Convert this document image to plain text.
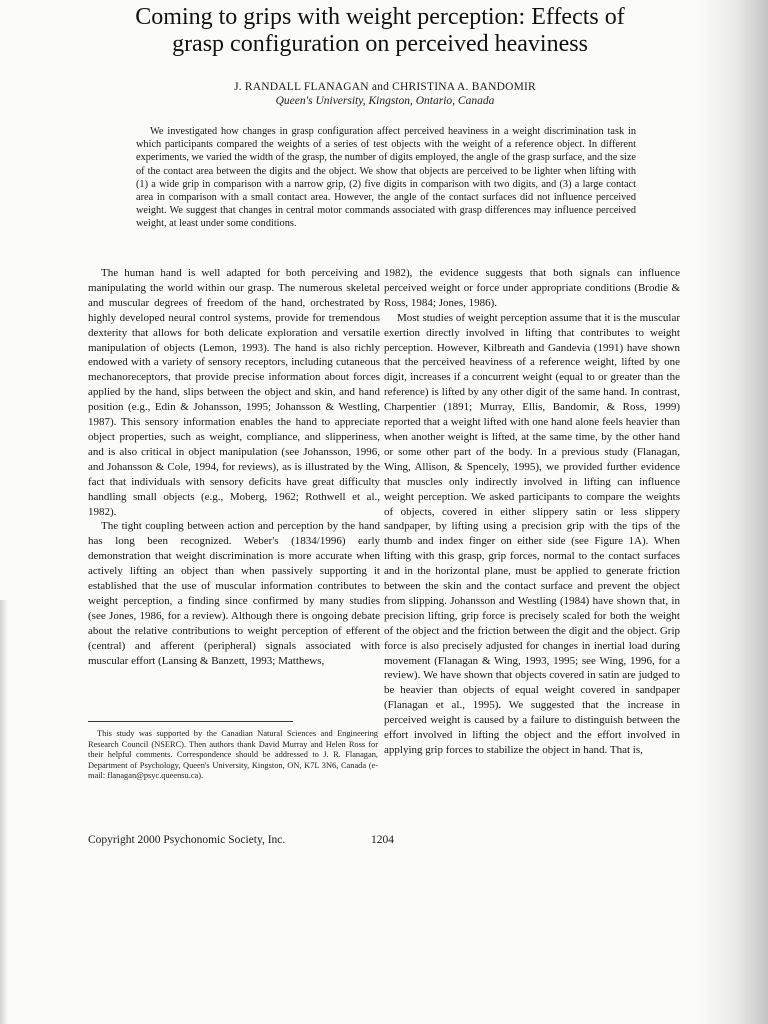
Coming to grips with weight perception: Effects of
grasp configuration on perceived heaviness

J. RANDALL FLANAGAN and CHRISTINA A. BANDOMIR

Queen's University, Kingston, Ontario, Canada

We investigated how changes in grasp configuration affect perceived heaviness in a weight discrimination task in which participants compared the weights of a series of test objects with the weight of a reference object. In different experiments, we varied the width of the grasp, the number of digits employed, the angle of the grasp surface, and the size of the contact area between the digits and the object. We show that objects are perceived to be lighter when lifting with (1) a wide grip in comparison with a narrow grip, (2) five digits in comparison with two digits, and (3) a large contact area in comparison with a small contact area. However, the angle of the contact surfaces did not influence perceived weight. We suggest that changes in central motor commands associated with grasp differences may influence perceived weight, at least under some conditions.

The human hand is well adapted for both perceiving and manipulating the world within our grasp. The numerous skeletal and muscular degrees of freedom of the hand, orchestrated by highly developed neural control systems, provide for tremendous dexterity that allows for both delicate exploration and versatile manipulation of objects (Lemon, 1993). The hand is also richly endowed with a variety of sensory receptors, including cutaneous mechanoreceptors, that provide precise information about forces applied by the hand, slips between the object and skin, and hand position (e.g., Edin & Johansson, 1995; Johansson & Westling, 1987). This sensory information enables the hand to appreciate object properties, such as weight, compliance, and slipperiness, and is also critical in object manipulation (see Johansson, 1996, and Johansson & Cole, 1994, for reviews), as is illustrated by the fact that individuals with sensory deficits have great difficulty handling small objects (e.g., Moberg, 1962; Rothwell et al., 1982).

The tight coupling between action and perception by the hand has long been recognized. Weber's (1834/1996) early demonstration that weight discrimination is more accurate when actively lifting an object than when passively supporting it established that the use of muscular information contributes to weight perception, a finding since confirmed by many studies (see Jones, 1986, for a review). Although there is ongoing debate about the relative contributions to weight perception of efferent (central) and afferent (peripheral) signals associated with muscular effort (Lansing & Banzett, 1993; Matthews,

1982), the evidence suggests that both signals can influence perceived weight or force under appropriate conditions (Brodie & Ross, 1984; Jones, 1986).

Most studies of weight perception assume that it is the muscular exertion directly involved in lifting that contributes to weight perception. However, Kilbreath and Gandevia (1991) have shown that the perceived heaviness of a reference weight, lifted by one digit, increases if a concurrent weight (equal to or greater than the reference) is lifted by any other digit of the same hand. In contrast, Charpentier (1891; Murray, Ellis, Bandomir, & Ross, 1999) reported that a weight lifted with one hand alone feels heavier than when another weight is lifted, at the same time, by the other hand or some other part of the body. In a previous study (Flanagan, Wing, Allison, & Spencely, 1995), we provided further evidence that muscles only indirectly involved in lifting can influence weight perception. We asked participants to compare the weights of objects, covered in either slippery satin or less slippery sandpaper, by lifting using a precision grip with the tips of the thumb and index finger on either side (see Figure 1A). When lifting with this grasp, grip forces, normal to the contact surfaces and in the horizontal plane, must be applied to generate friction between the skin and the contact surface and prevent the object from slipping. Johansson and Westling (1984) have shown that, in precision lifting, grip force is precisely scaled for both the weight of the object and the friction between the digit and the object. Grip force is also precisely adjusted for changes in inertial load during movement (Flanagan & Wing, 1993, 1995; see Wing, 1996, for a review). We have shown that objects covered in satin are judged to be heavier than objects of equal weight covered in sandpaper (Flanagan et al., 1995). We suggested that the increase in perceived weight is caused by a failure to distinguish between the effort involved in lifting the object and the effort involved in applying grip forces to stabilize the object in hand. That is,

This study was supported by the Canadian Natural Sciences and Engineering Research Council (NSERC). Then authors thank David Murray and Helen Ross for their helpful comments. Correspondence should be addressed to J. R. Flanagan, Department of Psychology, Queen's University, Kingston, ON, K7L 3N6, Canada (e-mail: flanagan@psyc.queensu.ca).

Copyright 2000 Psychonomic Society, Inc.	1204
